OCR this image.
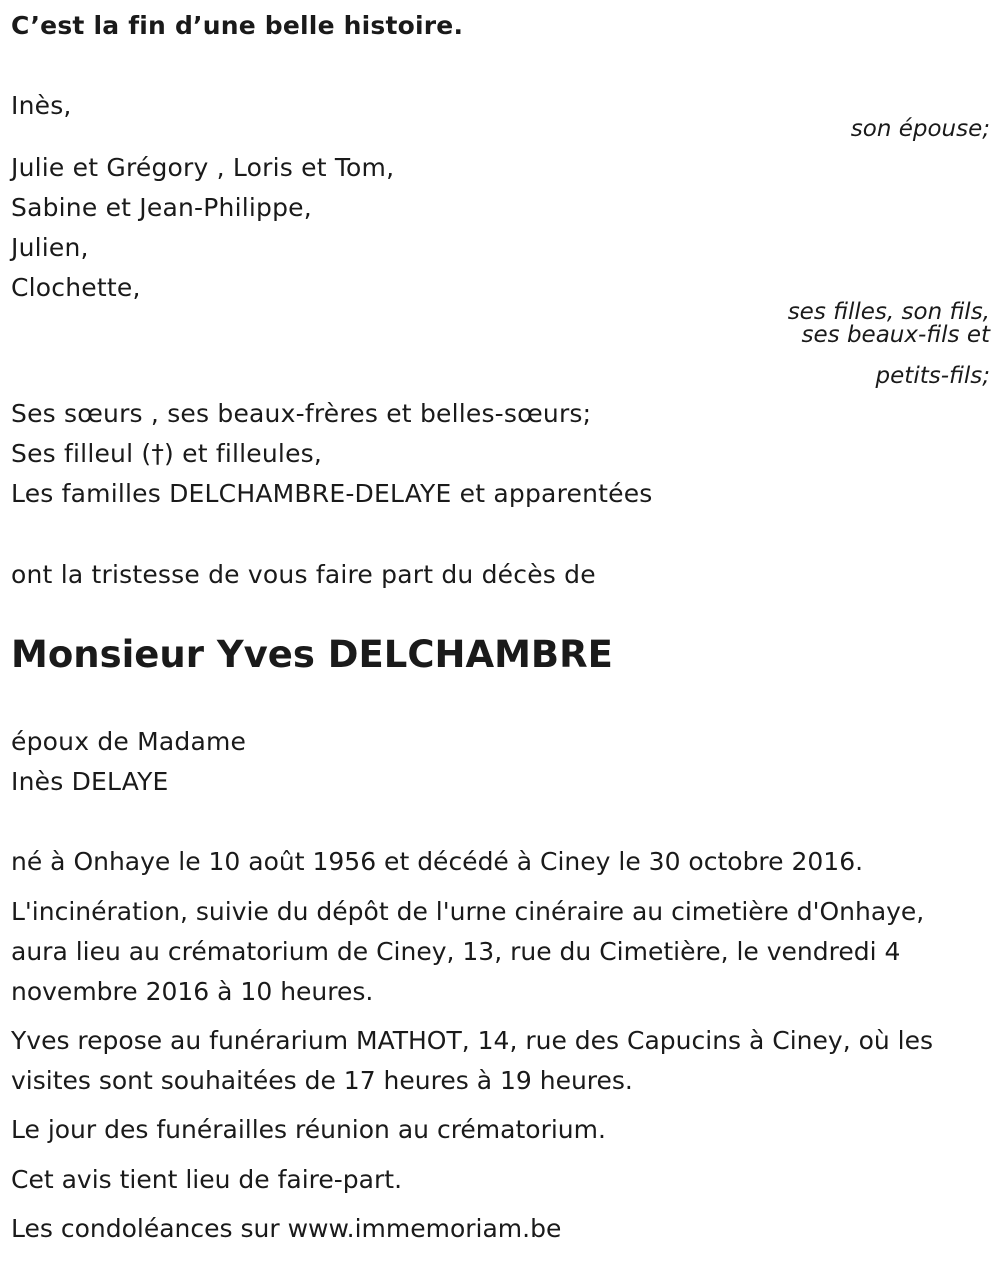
C’est la fin d’une belle histoire.
Inès,
son épouse;
Julie et Grégory , Loris et Tom,
Sabine et Jean-Philippe,
Julien,
Clochette,
ses filles, son fils,
ses beaux-fils et
petits-fils;
Ses sœurs , ses beaux-frères et belles-sœurs;
Ses filleul (†) et filleules,
Les familles DELCHAMBRE-DELAYE et apparentées
ont la tristesse de vous faire part du décès de
Monsieur Yves DELCHAMBRE
époux de Madame
Inès DELAYE
né à Onhaye le 10 août 1956 et décédé à Ciney le 30 octobre 2016.
L'incinération, suivie du dépôt de l'urne cinéraire au cimetière d'Onhaye,
aura lieu au crématorium de Ciney, 13, rue du Cimetière, le vendredi 4
novembre 2016 à 10 heures.
Yves repose au funérarium MATHOT, 14, rue des Capucins à Ciney, où les
visites sont souhaitées de 17 heures à 19 heures.
Le jour des funérailles réunion au crématorium.
Cet avis tient lieu de faire-part.
Les condoléances sur www.immemoriam.be
